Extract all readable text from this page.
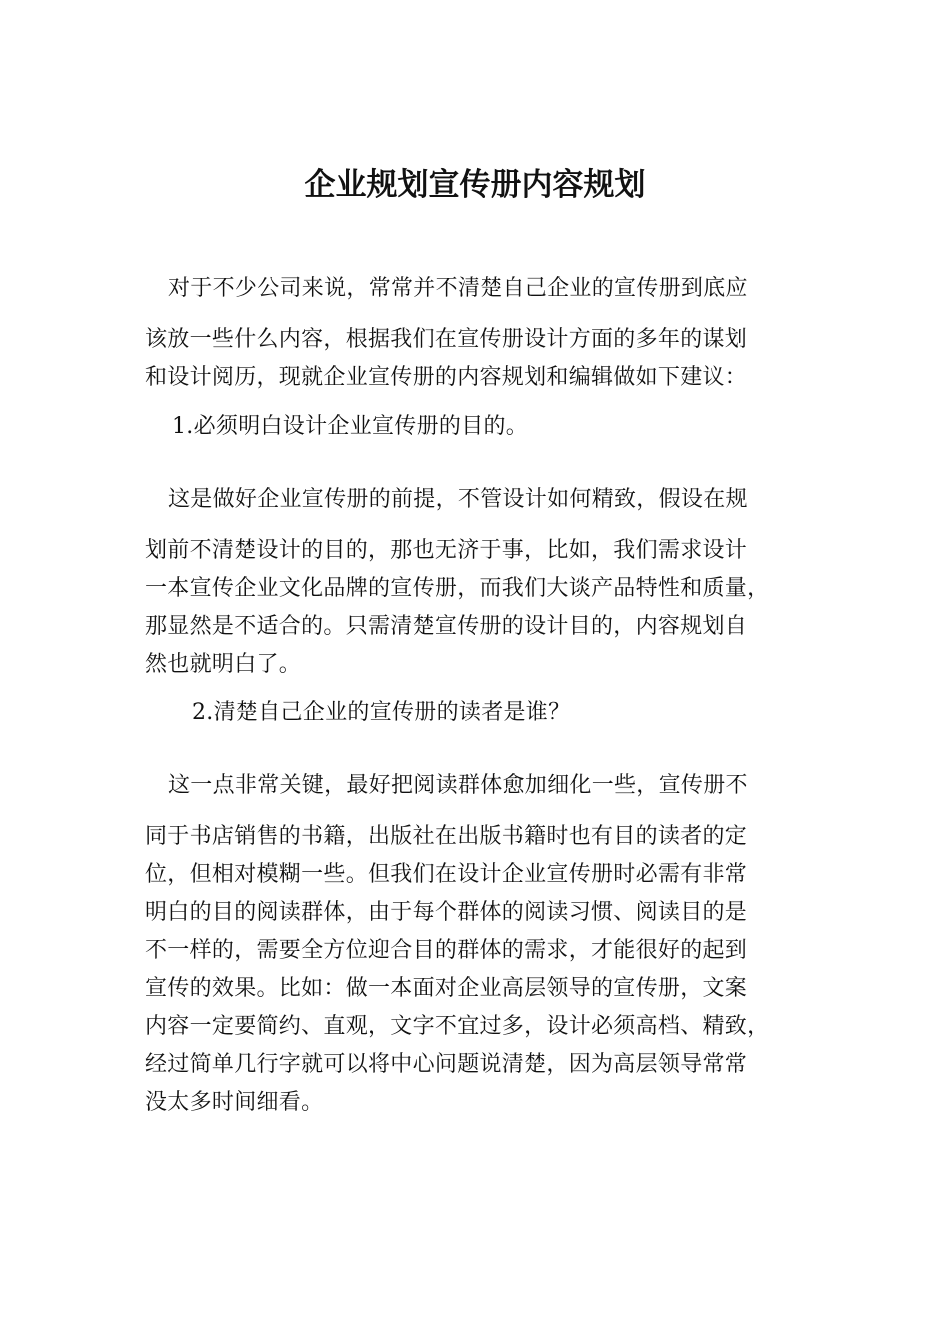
企业规划宣传册内容规划
对于不少公司来说，常常并不清楚自己企业的宣传册到底应
该放一些什么内容，根据我们在宣传册设计方面的多年的谋划
和设计阅历，现就企业宣传册的内容规划和编辑做如下建议：
1.必须明白设计企业宣传册的目的。
这是做好企业宣传册的前提，不管设计如何精致，假设在规
划前不清楚设计的目的，那也无济于事，比如，我们需求设计
一本宣传企业文化品牌的宣传册，而我们大谈产品特性和质量，
那显然是不适合的。只需清楚宣传册的设计目的，内容规划自
然也就明白了。
2.清楚自己企业的宣传册的读者是谁？
这一点非常关键，最好把阅读群体愈加细化一些，宣传册不
同于书店销售的书籍，出版社在出版书籍时也有目的读者的定
位，但相对模糊一些。但我们在设计企业宣传册时必需有非常
明白的目的阅读群体，由于每个群体的阅读习惯、阅读目的是
不一样的，需要全方位迎合目的群体的需求，才能很好的起到
宣传的效果。比如：做一本面对企业高层领导的宣传册，文案
内容一定要简约、直观，文字不宜过多，设计必须高档、精致，
经过简单几行字就可以将中心问题说清楚，因为高层领导常常
没太多时间细看。
